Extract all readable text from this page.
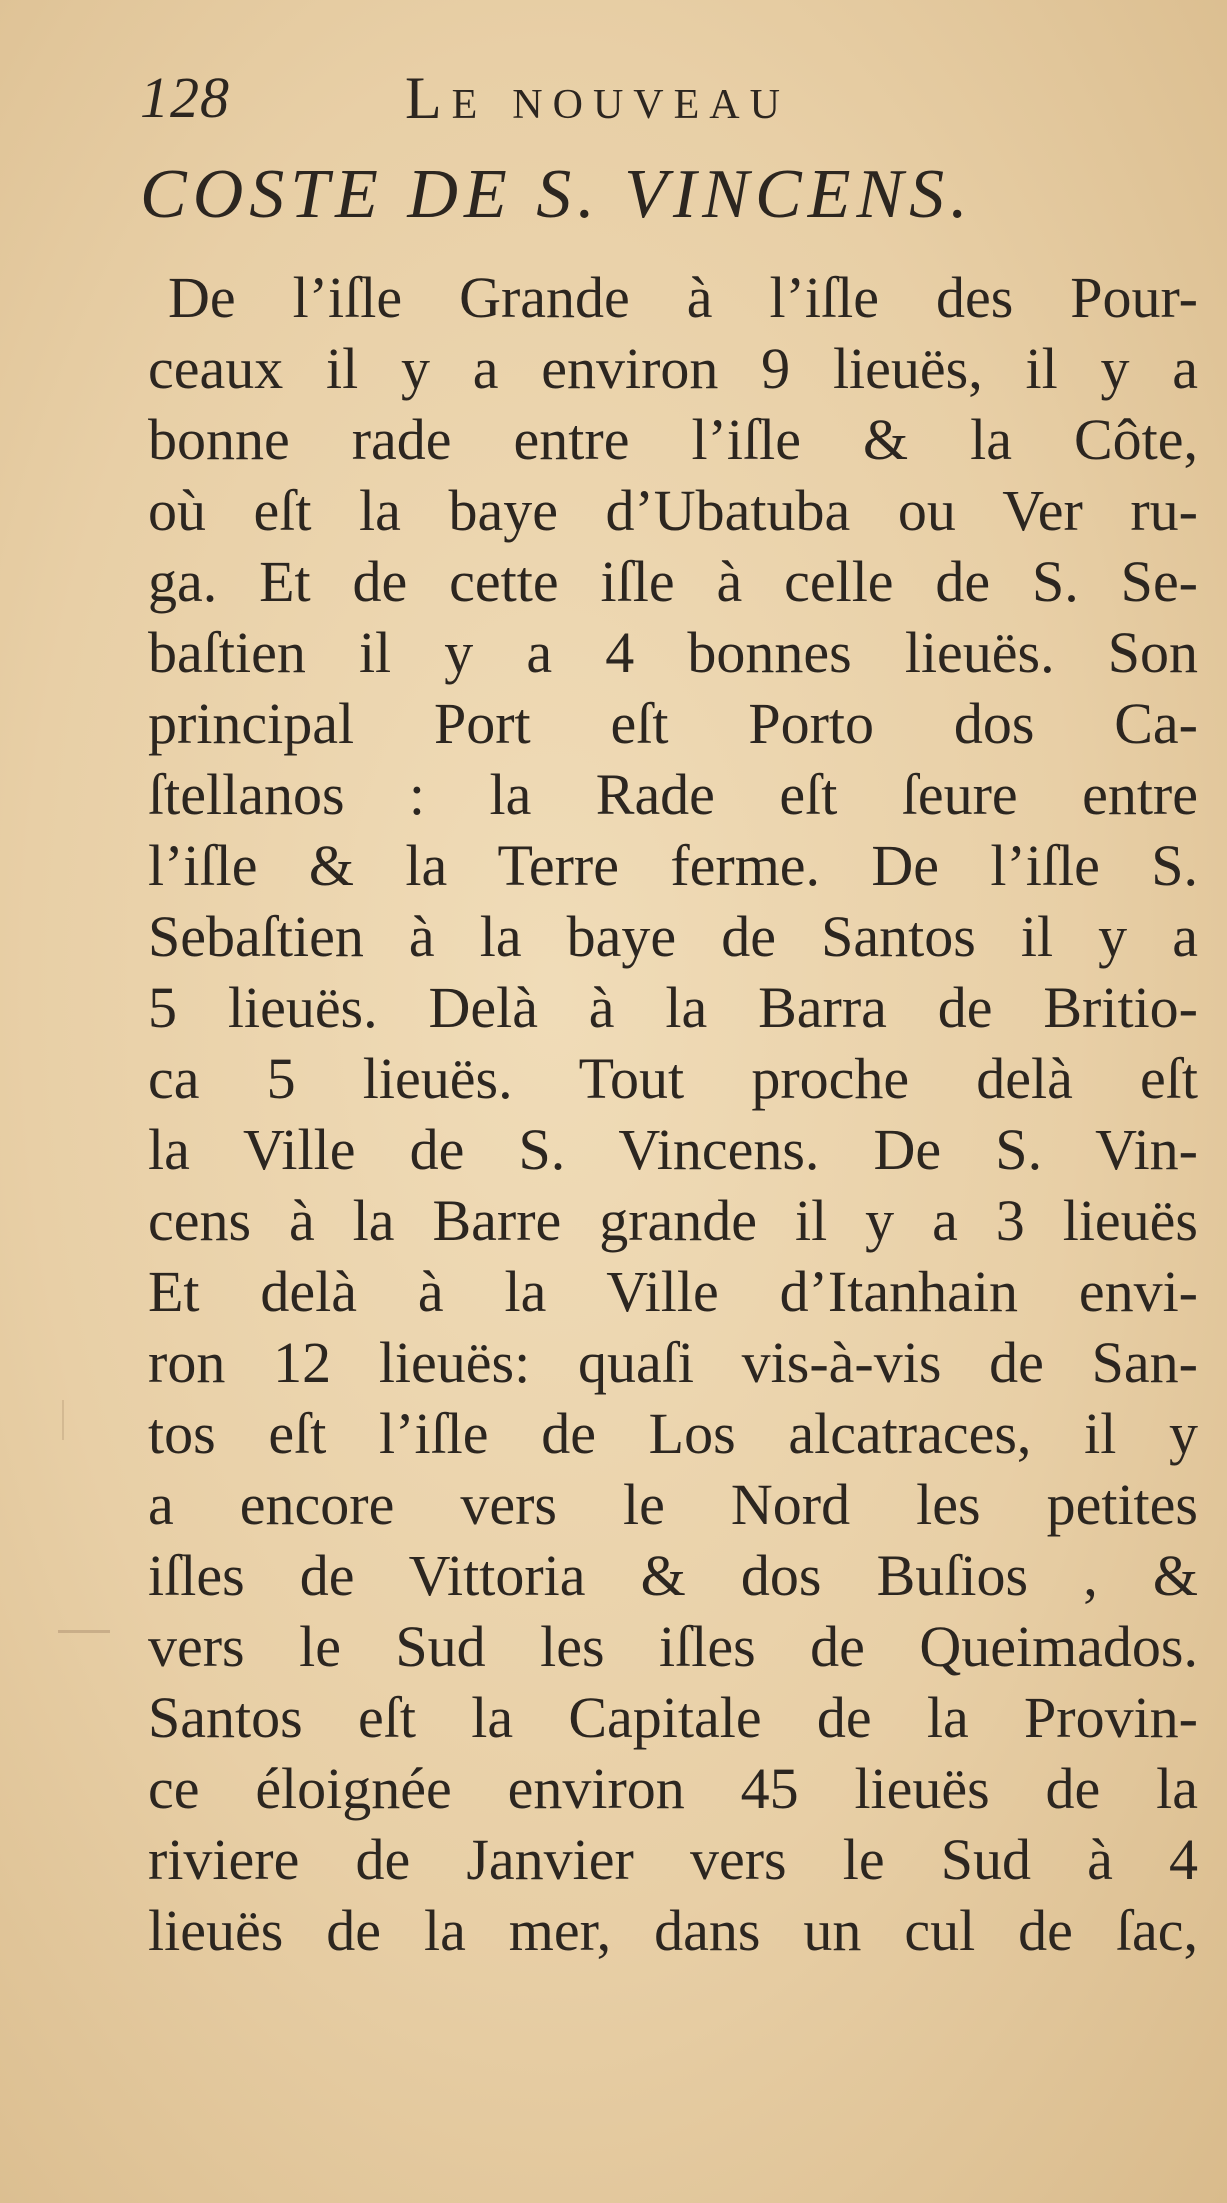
128	Le nouveau
COSTE DE S. VINCENS.
De l’iſle Grande à l’iſle des Pour-
ceaux il y a environ 9 lieuës, il y a
bonne rade entre l’iſle & la Côte,
où eſt la baye d’Ubatuba ou Ver ru-
ga. Et de cette iſle à celle de S. Se-
baſtien il y a 4 bonnes lieuës. Son
principal Port eſt Porto dos Ca-
ſtellanos : la Rade eſt ſeure entre
l’iſle & la Terre ferme. De l’iſle S.
Sebaſtien à la baye de Santos il y a
5 lieuës. Delà à la Barra de Britio-
ca 5 lieuës. Tout proche delà eſt
la Ville de S. Vincens. De S. Vin-
cens à la Barre grande il y a 3 lieuës
Et delà à la Ville d’Itanhain envi-
ron 12 lieuës: quaſi vis-à-vis de San-
tos eſt l’iſle de Los alcatraces, il y
a encore vers le Nord les petites
iſles de Vittoria & dos Buſios , &
vers le Sud les iſles de Queimados.
Santos eſt la Capitale de la Provin-
ce éloignée environ 45 lieuës de la
riviere de Janvier vers le Sud à 4
lieuës de la mer, dans un cul de ſac,
